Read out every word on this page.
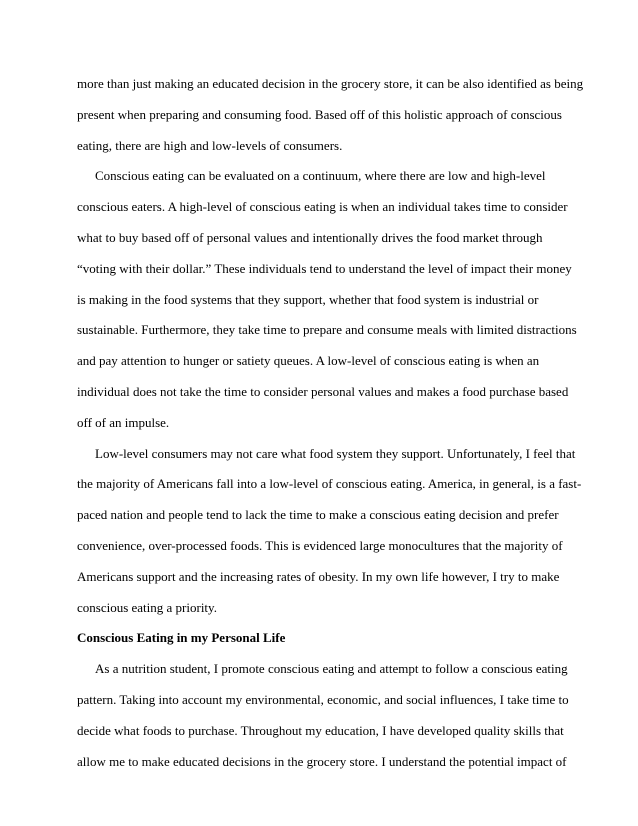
more than just making an educated decision in the grocery store, it can be also identified as being
present when preparing and consuming food. Based off of this holistic approach of conscious
eating, there are high and low-levels of consumers.
Conscious eating can be evaluated on a continuum, where there are low and high-level
conscious eaters. A high-level of conscious eating is when an individual takes time to consider
what to buy based off of personal values and intentionally drives the food market through
“voting with their dollar.” These individuals tend to understand the level of impact their money
is making in the food systems that they support, whether that food system is industrial or
sustainable. Furthermore, they take time to prepare and consume meals with limited distractions
and pay attention to hunger or satiety queues. A low-level of conscious eating is when an
individual does not take the time to consider personal values and makes a food purchase based
off of an impulse.
Low-level consumers may not care what food system they support. Unfortunately, I feel that
the majority of Americans fall into a low-level of conscious eating. America, in general, is a fast-
paced nation and people tend to lack the time to make a conscious eating decision and prefer
convenience, over-processed foods. This is evidenced large monocultures that the majority of
Americans support and the increasing rates of obesity. In my own life however, I try to make
conscious eating a priority.
Conscious Eating in my Personal Life
As a nutrition student, I promote conscious eating and attempt to follow a conscious eating
pattern. Taking into account my environmental, economic, and social influences, I take time to
decide what foods to purchase. Throughout my education, I have developed quality skills that
allow me to make educated decisions in the grocery store. I understand the potential impact of
